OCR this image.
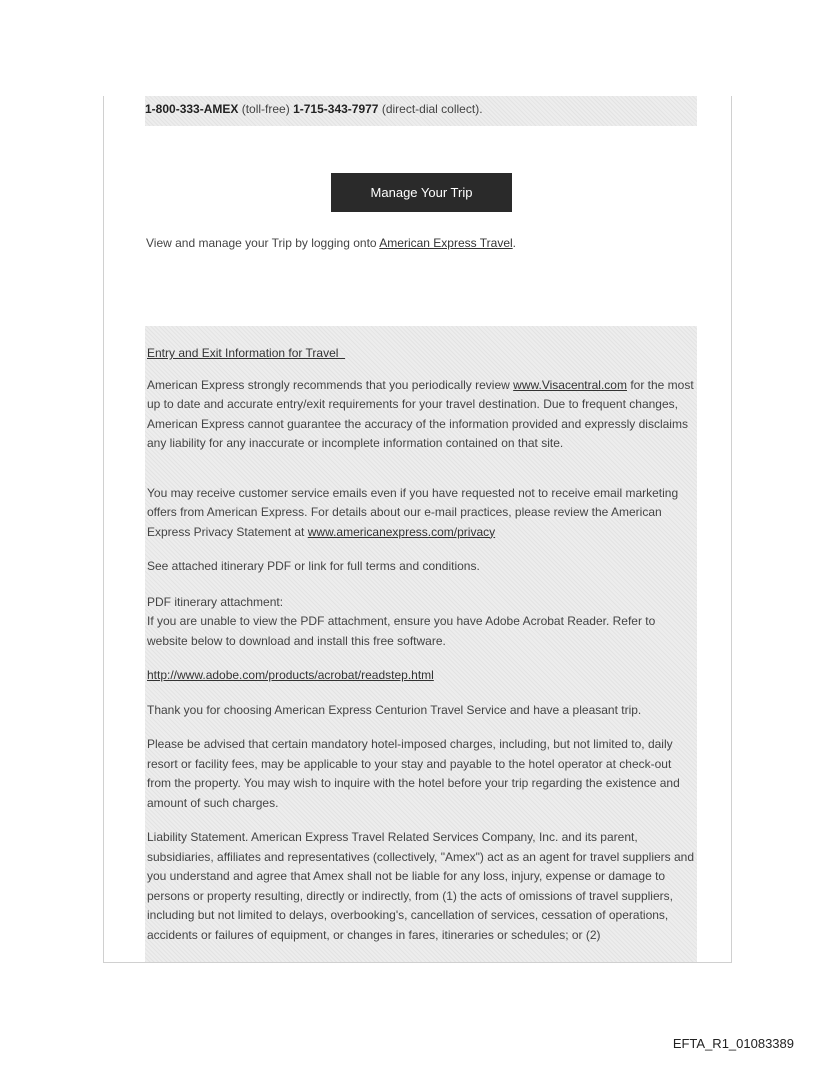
1-800-333-AMEX (toll-free) 1-715-343-7977 (direct-dial collect).
Manage Your Trip

View and manage your Trip by logging onto American Express Travel.

Entry and Exit Information for Travel

American Express strongly recommends that you periodically review www.Visacentral.com for the most up to date and accurate entry/exit requirements for your travel destination. Due to frequent changes, American Express cannot guarantee the accuracy of the information provided and expressly disclaims any liability for any inaccurate or incomplete information contained on that site.

You may receive customer service emails even if you have requested not to receive email marketing offers from American Express. For details about our e-mail practices, please review the American Express Privacy Statement at www.americanexpress.com/privacy

See attached itinerary PDF or link for full terms and conditions.

PDF itinerary attachment:
If you are unable to view the PDF attachment, ensure you have Adobe Acrobat Reader. Refer to website below to download and install this free software.

http://www.adobe.com/products/acrobat/readstep.html

Thank you for choosing American Express Centurion Travel Service and have a pleasant trip.

Please be advised that certain mandatory hotel-imposed charges, including, but not limited to, daily resort or facility fees, may be applicable to your stay and payable to the hotel operator at check-out from the property. You may wish to inquire with the hotel before your trip regarding the existence and amount of such charges.

Liability Statement. American Express Travel Related Services Company, Inc. and its parent, subsidiaries, affiliates and representatives (collectively, "Amex") act as an agent for travel suppliers and you understand and agree that Amex shall not be liable for any loss, injury, expense or damage to persons or property resulting, directly or indirectly, from (1) the acts of omissions of travel suppliers, including but not limited to delays, overbooking's, cancellation of services, cessation of operations, accidents or failures of equipment, or changes in fares, itineraries or schedules; or (2)

EFTA_R1_01083389
